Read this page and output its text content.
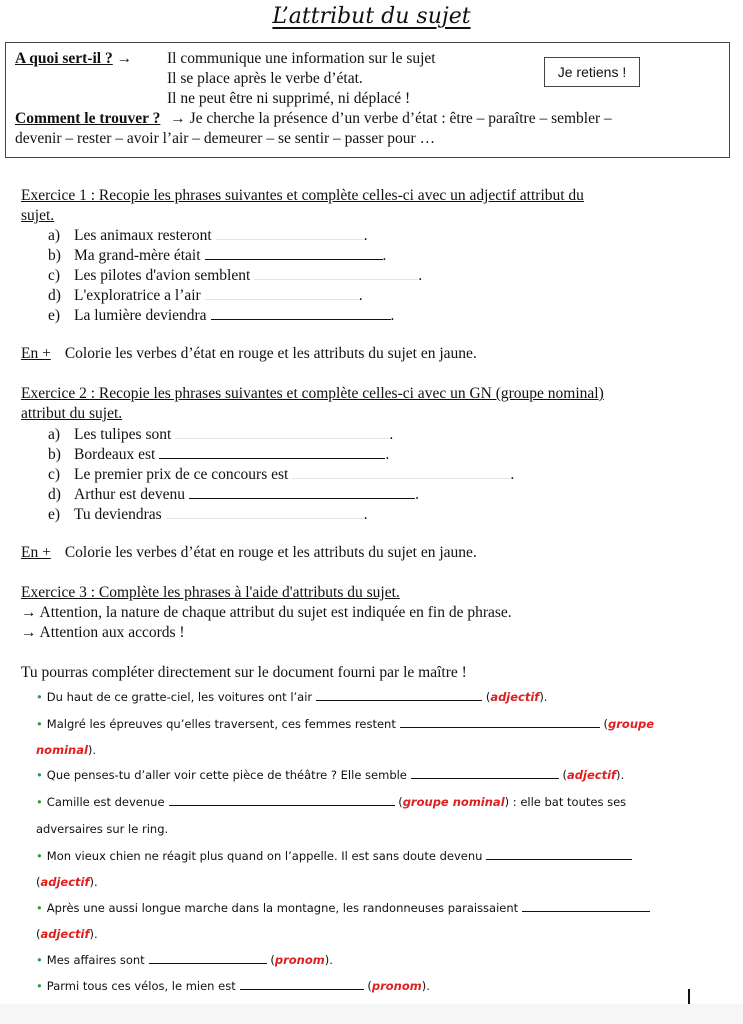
L’attribut du sujet
A quoi sert-il ? → Il communique une information sur le sujet
Il se place après le verbe d’état.
Il ne peut être ni supprimé, ni déplacé !
Comment le trouver ? → Je cherche la présence d’un verbe d’état : être – paraître – sembler –
devenir – rester – avoir l’air – demeurer – se sentir – passer pour …
Je retiens !
Exercice 1 : Recopie les phrases suivantes et complète celles-ci avec un adjectif attribut du
sujet.
a) Les animaux resteront	.
b) Ma grand-mère était	.
c) Les pilotes d'avion semblent	.
d) L'exploratrice a l’air	.
e) La lumière deviendra	.
En + Colorie les verbes d’état en rouge et les attributs du sujet en jaune.
Exercice 2 : Recopie les phrases suivantes et complète celles-ci avec un GN (groupe nominal)
attribut du sujet.
a) Les tulipes sont	.
b) Bordeaux est	.
c) Le premier prix de ce concours est	.
d) Arthur est devenu	.
e) Tu deviendras	.
En + Colorie les verbes d’état en rouge et les attributs du sujet en jaune.
Exercice 3 : Complète les phrases à l'aide d'attributs du sujet.
→ Attention, la nature de chaque attribut du sujet est indiquée en fin de phrase.
→ Attention aux accords !
Tu pourras compléter directement sur le document fourni par le maître !
• Du haut de ce gratte-ciel, les voitures ont l’air	(adjectif).
• Malgré les épreuves qu’elles traversent, ces femmes restent	(groupe
nominal).
• Que penses-tu d’aller voir cette pièce de théâtre ? Elle semble	(adjectif).
• Camille est devenue	(groupe nominal) : elle bat toutes ses
adversaires sur le ring.
• Mon vieux chien ne réagit plus quand on l’appelle. Il est sans doute devenu
(adjectif).
• Après une aussi longue marche dans la montagne, les randonneuses paraissaient
(adjectif).
• Mes affaires sont	(pronom).
• Parmi tous ces vélos, le mien est	(pronom).
